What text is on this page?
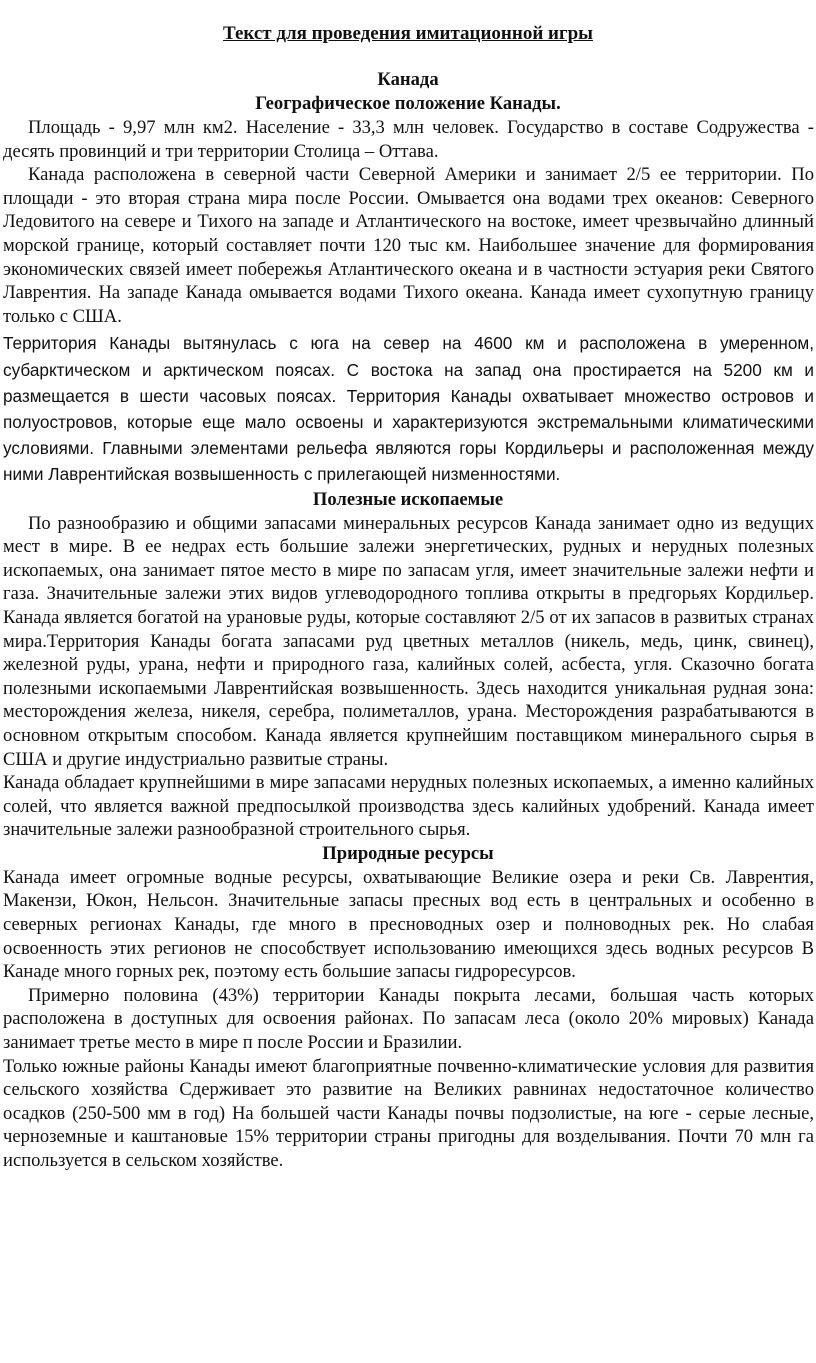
Текст для проведения имитационной игры

Канада

Географическое положение Канады.

Площадь - 9,97 млн км2. Население - 33,3 млн человек. Государство в составе Содружества - десять провинций и три территории Столица – Оттава.

Канада расположена в северной части Северной Америки и занимает 2/5 ее территории. По площади - это вторая страна мира после России. Омывается она водами трех океанов: Северного Ледовитого на севере и Тихого на западе и Атлантического на востоке, имеет чрезвычайно длинный морской границе, который составляет почти 120 тыс км. Наибольшее значение для формирования экономических связей имеет побережья Атлантического океана и в частности эстуария реки Святого Лаврентия. На западе Канада омывается водами Тихого океана. Канада имеет сухопутную границу только с США.

Территория Канады вытянулась с юга на север на 4600 км и расположена в умеренном, субарктическом и арктическом поясах. С востока на запад она простирается на 5200 км и размещается в шести часовых поясах. Территория Канады охватывает множество островов и полуостровов, которые еще мало освоены и характеризуются экстремальными климатическими условиями. Главными элементами рельефа являются горы Кордильеры и расположенная между ними Лаврентийская возвышенность с прилегающей низменностями.

Полезные ископаемые

По разнообразию и общими запасами минеральных ресурсов Канада занимает одно из ведущих мест в мире. В ее недрах есть большие залежи энергетических, рудных и нерудных полезных ископаемых, она занимает пятое место в мире по запасам угля, имеет значительные залежи нефти и газа. Значительные залежи этих видов углеводородного топлива открыты в предгорьях Кордильер. Канада является богатой на урановые руды, которые составляют 2/5 от их запасов в развитых странах мира.Территория Канады богата запасами руд цветных металлов (никель, медь, цинк, свинец), железной руды, урана, нефти и природного газа, калийных солей, асбеста, угля. Сказочно богата полезными ископаемыми Лаврентийская возвышенность. Здесь находится уникальная рудная зона: месторождения железа, никеля, серебра, полиметаллов, урана. Месторождения разрабатываются в основном открытым способом. Канада является крупнейшим поставщиком минерального сырья в США и другие индустриально развитые страны.

Канада обладает крупнейшими в мире запасами нерудных полезных ископаемых, а именно калийных солей, что является важной предпосылкой производства здесь калийных удобрений. Канада имеет значительные залежи разнообразной строительного сырья.

Природные ресурсы

Канада имеет огромные водные ресурсы, охватывающие Великие озера и реки Св. Лаврентия, Макензи, Юкон, Нельсон. Значительные запасы пресных вод есть в центральных и особенно в северных регионах Канады, где много в пресноводных озер и полноводных рек. Но слабая освоенность этих регионов не способствует использованию имеющихся здесь водных ресурсов В Канаде много горных рек, поэтому есть большие запасы гидроресурсов.

Примерно половина (43%) территории Канады покрыта лесами, большая часть которых расположена в доступных для освоения районах. По запасам леса (около 20% мировых) Канада занимает третье место в мире п после России и Бразилии.

Только южные районы Канады имеют благоприятные почвенно-климатические условия для развития сельского хозяйства Сдерживает это развитие на Великих равнинах недостаточное количество осадков (250-500 мм в год) На большей части Канады почвы подзолистые, на юге - серые лесные, черноземные и каштановые 15% территории страны пригодны для возделывания. Почти 70 млн га используется в сельском хозяйстве.
